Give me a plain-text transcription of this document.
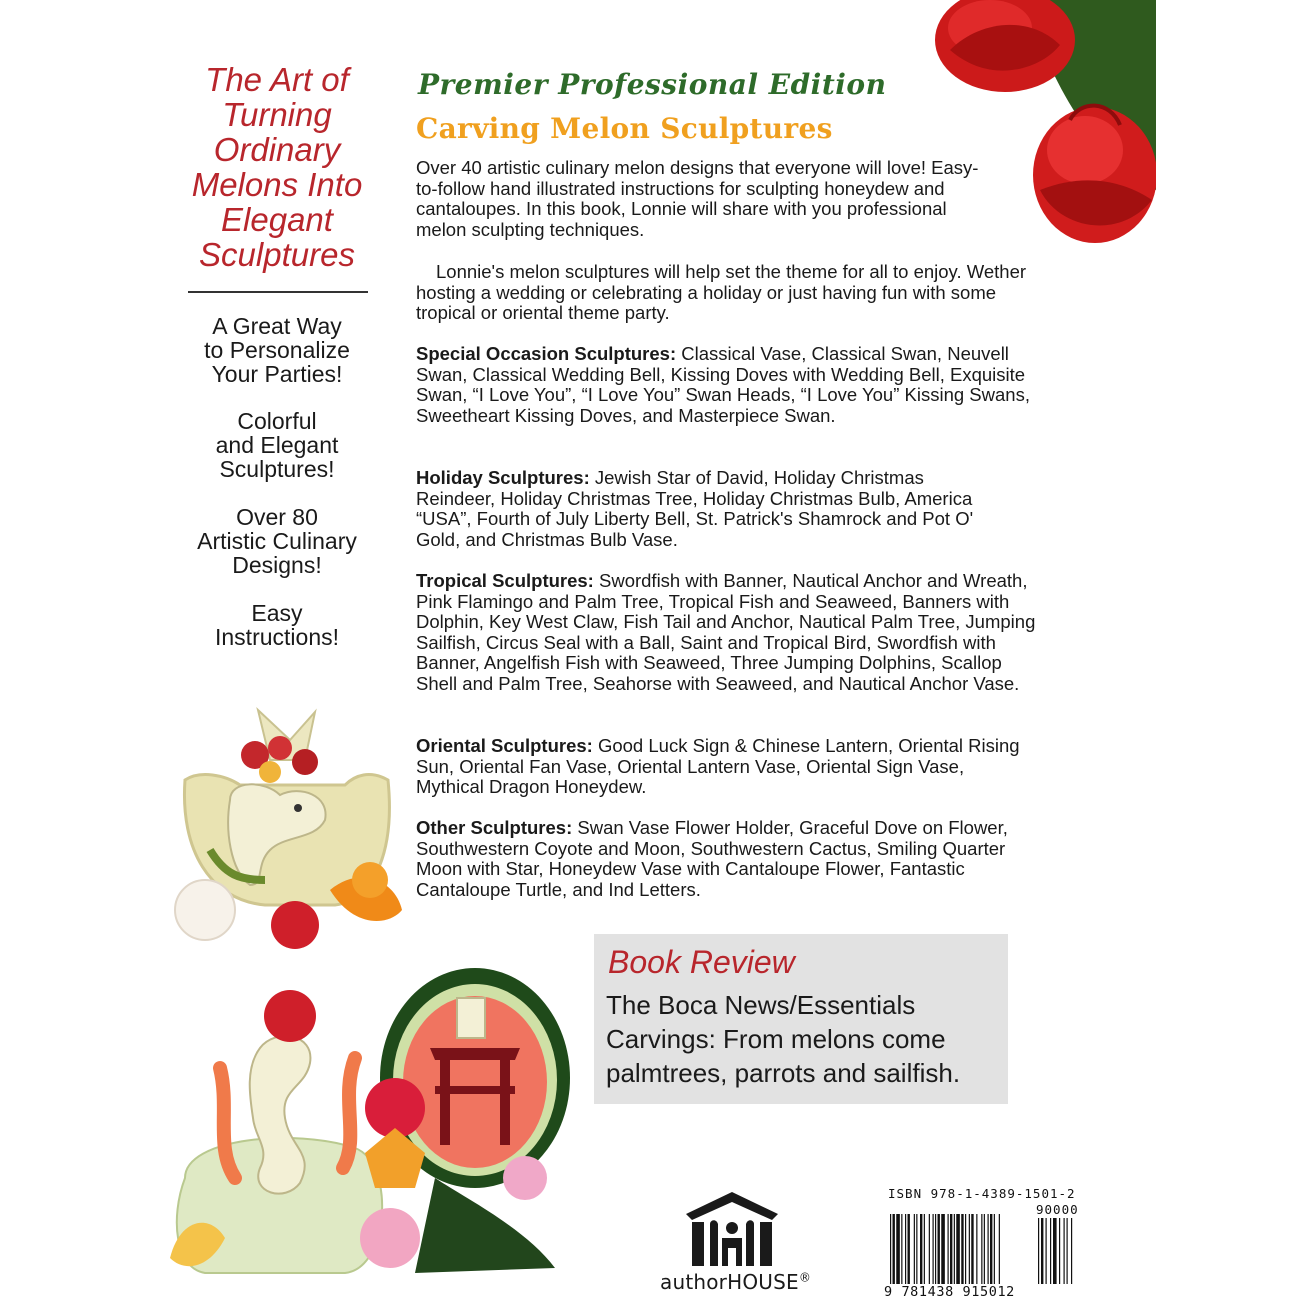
The Art of
Turning
Ordinary
Melons Into
Elegant
Sculptures
A Great Way
to Personalize
Your Parties!
Colorful
and Elegant
Sculptures!
Over 80
Artistic Culinary
Designs!
Easy
Instructions!
Premier Professional Edition
Carving Melon Sculptures
Over 40 artistic culinary melon designs that everyone will love! Easy-to-follow hand illustrated instructions for sculpting honeydew and cantaloupes. In this book, Lonnie will share with you professional melon sculpting techniques.
Lonnie's melon sculptures will help set the theme for all to enjoy. Wether hosting a wedding or celebrating a holiday or just having fun with some tropical or oriental theme party.
Special Occasion Sculptures: Classical Vase, Classical Swan, Neuvell Swan, Classical Wedding Bell, Kissing Doves with Wedding Bell, Exquisite Swan, “I Love You”, “I Love You” Swan Heads, “I Love You” Kissing Swans, Sweetheart Kissing Doves, and Masterpiece Swan.
Holiday Sculptures: Jewish Star of David, Holiday Christmas Reindeer, Holiday Christmas Tree, Holiday Christmas Bulb, America “USA”, Fourth of July Liberty Bell, St. Patrick's Shamrock and Pot O' Gold, and Christmas Bulb Vase.
Tropical Sculptures: Swordfish with Banner, Nautical Anchor and Wreath, Pink Flamingo and Palm Tree, Tropical Fish and Seaweed, Banners with Dolphin, Key West Claw, Fish Tail and Anchor, Nautical Palm Tree, Jumping Sailfish, Circus Seal with a Ball, Saint and Tropical Bird, Swordfish with Banner, Angelfish Fish with Seaweed, Three Jumping Dolphins, Scallop Shell and Palm Tree, Seahorse with Seaweed, and Nautical Anchor Vase.
Oriental Sculptures: Good Luck Sign & Chinese Lantern, Oriental Rising Sun, Oriental Fan Vase, Oriental Lantern Vase, Oriental Sign Vase, Mythical Dragon Honeydew.
Other Sculptures: Swan Vase Flower Holder, Graceful Dove on Flower, Southwestern Coyote and Moon, Southwestern Cactus, Smiling Quarter Moon with Star, Honeydew Vase with Cantaloupe Flower, Fantastic Cantaloupe Turtle, and Ind Letters.
Book Review
The Boca News/Essentials
Carvings: From melons come
palmtrees, parrots and sailfish.
authorHOUSE®
ISBN 978-1-4389-1501-2
90000
9 781438 915012
